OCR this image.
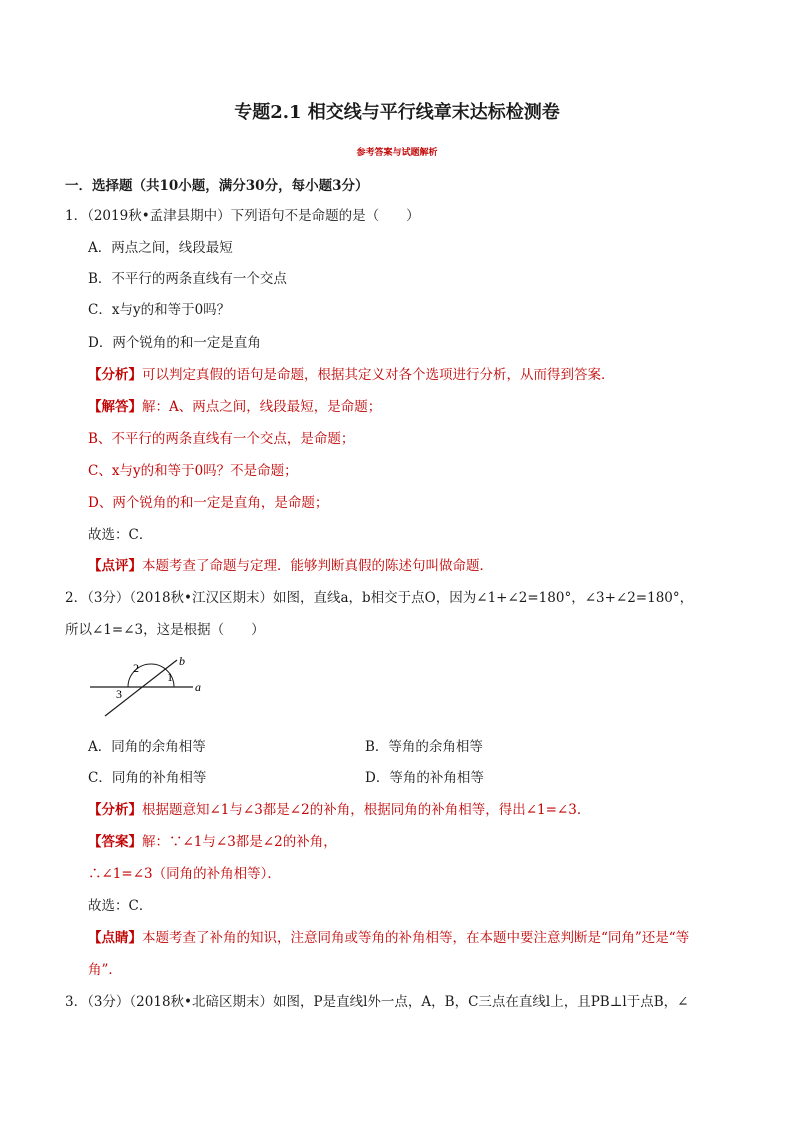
专题2.1 相交线与平行线章末达标检测卷
参考答案与试题解析
一．选择题（共10小题，满分30分，每小题3分）
1．（2019秋•孟津县期中）下列语句不是命题的是（　　）
A．两点之间，线段最短
B．不平行的两条直线有一个交点
C．x与y的和等于0吗？
D．两个锐角的和一定是直角
【分析】可以判定真假的语句是命题，根据其定义对各个选项进行分析，从而得到答案．
【解答】解：A、两点之间，线段最短，是命题；
B、不平行的两条直线有一个交点，是命题；
C、x与y的和等于0吗？不是命题；
D、两个锐角的和一定是直角，是命题；
故选：C．
【点评】本题考查了命题与定理．能够判断真假的陈述句叫做命题．
2．（3分）（2018秋•江汉区期末）如图，直线a，b相交于点O，因为∠1+∠2=180°，∠3+∠2=180°，
所以∠1=∠3，这是根据（　　）
b
a
2
1
3
A．同角的余角相等	B．等角的余角相等
C．同角的补角相等	D．等角的补角相等
【分析】根据题意知∠1与∠3都是∠2的补角，根据同角的补角相等，得出∠1=∠3．
【答案】解：∵∠1与∠3都是∠2的补角，
∴∠1=∠3（同角的补角相等）．
故选：C．
【点睛】本题考查了补角的知识，注意同角或等角的补角相等，在本题中要注意判断是“同角”还是“等
角”．
3．（3分）（2018秋•北碚区期末）如图，P是直线l外一点，A，B，C三点在直线l上，且PB⊥l于点B，∠
